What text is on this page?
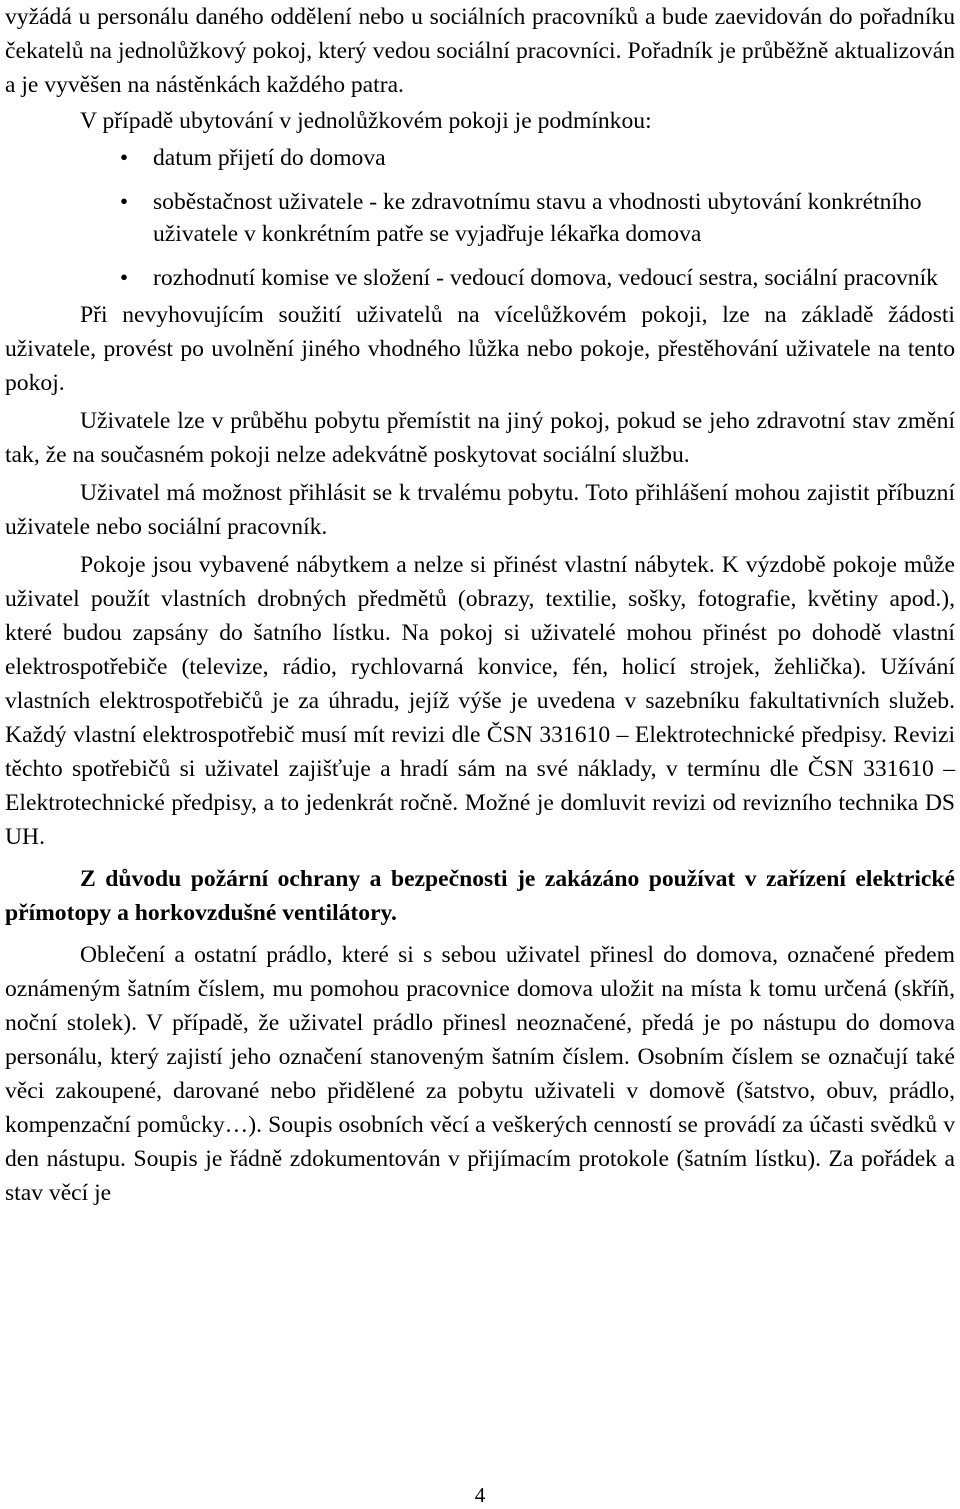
vyžádá u personálu daného oddělení nebo u sociálních pracovníků a bude zaevidován do pořadníku čekatelů na jednolůžkový pokoj, který vedou sociální pracovníci. Pořadník je průběžně aktualizován a je vyvěšen na nástěnkách každého patra.

V případě ubytování v jednolůžkovém pokoji je podmínkou:

• datum přijetí do domova
• soběstačnost uživatele - ke zdravotnímu stavu a vhodnosti ubytování konkrétního uživatele v konkrétním patře se vyjadřuje lékařka domova
• rozhodnutí komise ve složení - vedoucí domova, vedoucí sestra, sociální pracovník

Při nevyhovujícím soužití uživatelů na vícelůžkovém pokoji, lze na základě žádosti uživatele, provést po uvolnění jiného vhodného lůžka nebo pokoje, přestěhování uživatele na tento pokoj.

Uživatele lze v průběhu pobytu přemístit na jiný pokoj, pokud se jeho zdravotní stav změní tak, že na současném pokoji nelze adekvátně poskytovat sociální službu.

Uživatel má možnost přihlásit se k trvalému pobytu. Toto přihlášení mohou zajistit příbuzní uživatele nebo sociální pracovník.

Pokoje jsou vybavené nábytkem a nelze si přinést vlastní nábytek. K výzdobě pokoje může uživatel použít vlastních drobných předmětů (obrazy, textilie, sošky, fotografie, květiny apod.), které budou zapsány do šatního lístku. Na pokoj si uživatelé mohou přinést po dohodě vlastní elektrospotřebiče (televize, rádio, rychlovarná konvice, fén, holicí strojek, žehlička). Užívání vlastních elektrospotřebičů je za úhradu, jejíž výše je uvedena v sazebníku fakultativních služeb. Každý vlastní elektrospotřebič musí mít revizi dle ČSN 331610 – Elektrotechnické předpisy. Revizi těchto spotřebičů si uživatel zajišťuje a hradí sám na své náklady, v termínu dle ČSN 331610 – Elektrotechnické předpisy, a to jedenkrát ročně. Možné je domluvit revizi od revizního technika DS UH.

Z důvodu požární ochrany a bezpečnosti je zakázáno používat v zařízení elektrické přímotopy a horkovzdušné ventilátory.

Oblečení a ostatní prádlo, které si s sebou uživatel přinesl do domova, označené předem oznámeným šatním číslem, mu pomohou pracovnice domova uložit na místa k tomu určená (skříň, noční stolek). V případě, že uživatel prádlo přinesl neoznačené, předá je po nástupu do domova personálu, který zajistí jeho označení stanoveným šatním číslem. Osobním číslem se označují také věci zakoupené, darované nebo přidělené za pobytu uživateli v domově (šatstvo, obuv, prádlo, kompenzační pomůcky…). Soupis osobních věcí a veškerých cenností se provádí za účasti svědků v den nástupu. Soupis je řádně zdokumentován v přijímacím protokole (šatním lístku). Za pořádek a stav věcí je

4
